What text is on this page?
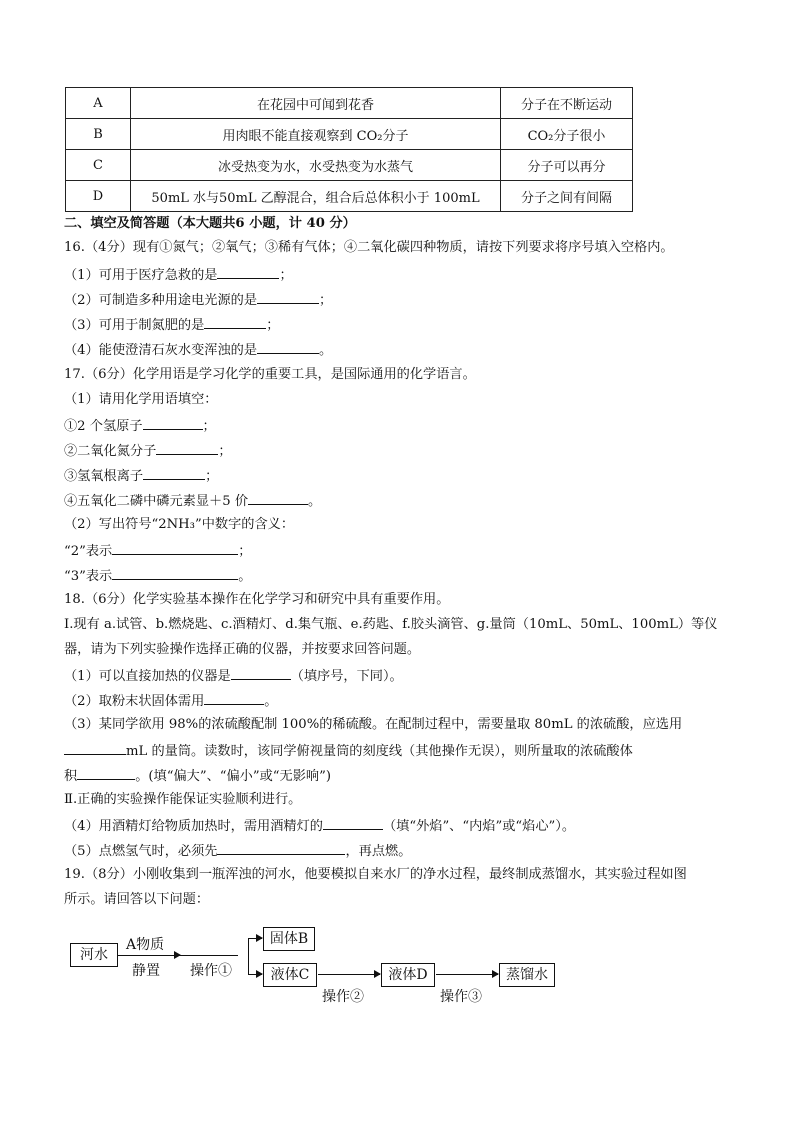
A	在花园中可闻到花香	分子在不断运动
B	用肉眼不能直接观察到 CO₂分子	CO₂分子很小
C	冰受热变为水，水受热变为水蒸气	分子可以再分
D	50mL 水与50mL 乙醇混合，组合后总体积小于 100mL	分子之间有间隔
二、填空及简答题（本大题共6 小题，计 40 分）
16.（4分）现有①氮气；②氧气；③稀有气体；④二氧化碳四种物质，请按下列要求将序号填入空格内。
（1）可用于医疗急救的是	；
（2）可制造多种用途电光源的是	；
（3）可用于制氮肥的是	；
（4）能使澄清石灰水变浑浊的是	。
17.（6分）化学用语是学习化学的重要工具，是国际通用的化学语言。
（1）请用化学用语填空：
①2 个氢原子	；
②二氧化氮分子	；
③氢氧根离子	；
④五氧化二磷中磷元素显＋5 价	。
（2）写出符号“2NH₃”中数字的含义：
“2”表示	；
“3”表示	。
18.（6分）化学实验基本操作在化学学习和研究中具有重要作用。
Ⅰ.现有 a.试管、b.燃烧匙、c.酒精灯、d.集气瓶、e.药匙、f.胶头滴管、g.量筒（10mL、50mL、100mL）等仪
器，请为下列实验操作选择正确的仪器，并按要求回答问题。
（1）可以直接加热的仪器是	（填序号，下同）。
（2）取粉末状固体需用	。
（3）某同学欲用 98%的浓硫酸配制 100%的稀硫酸。在配制过程中，需要量取 80mL 的浓硫酸，应选用
mL 的量筒。读数时，该同学俯视量筒的刻度线（其他操作无误），则所量取的浓硫酸体
积	。(填“偏大”、“偏小”或“无影响”)
Ⅱ.正确的实验操作能保证实验顺利进行。
（4）用酒精灯给物质加热时，需用酒精灯的	（填“外焰”、“内焰”或“焰心”）。
（5）点燃氢气时，必须先	，再点燃。
19.（8分）小刚收集到一瓶浑浊的河水，他要模拟自来水厂的净水过程，最终制成蒸馏水，其实验过程如图
所示。请回答以下问题：
河水
A物质
静置 操作①
固体B
液体C
操作②
液体D
操作③
蒸馏水
